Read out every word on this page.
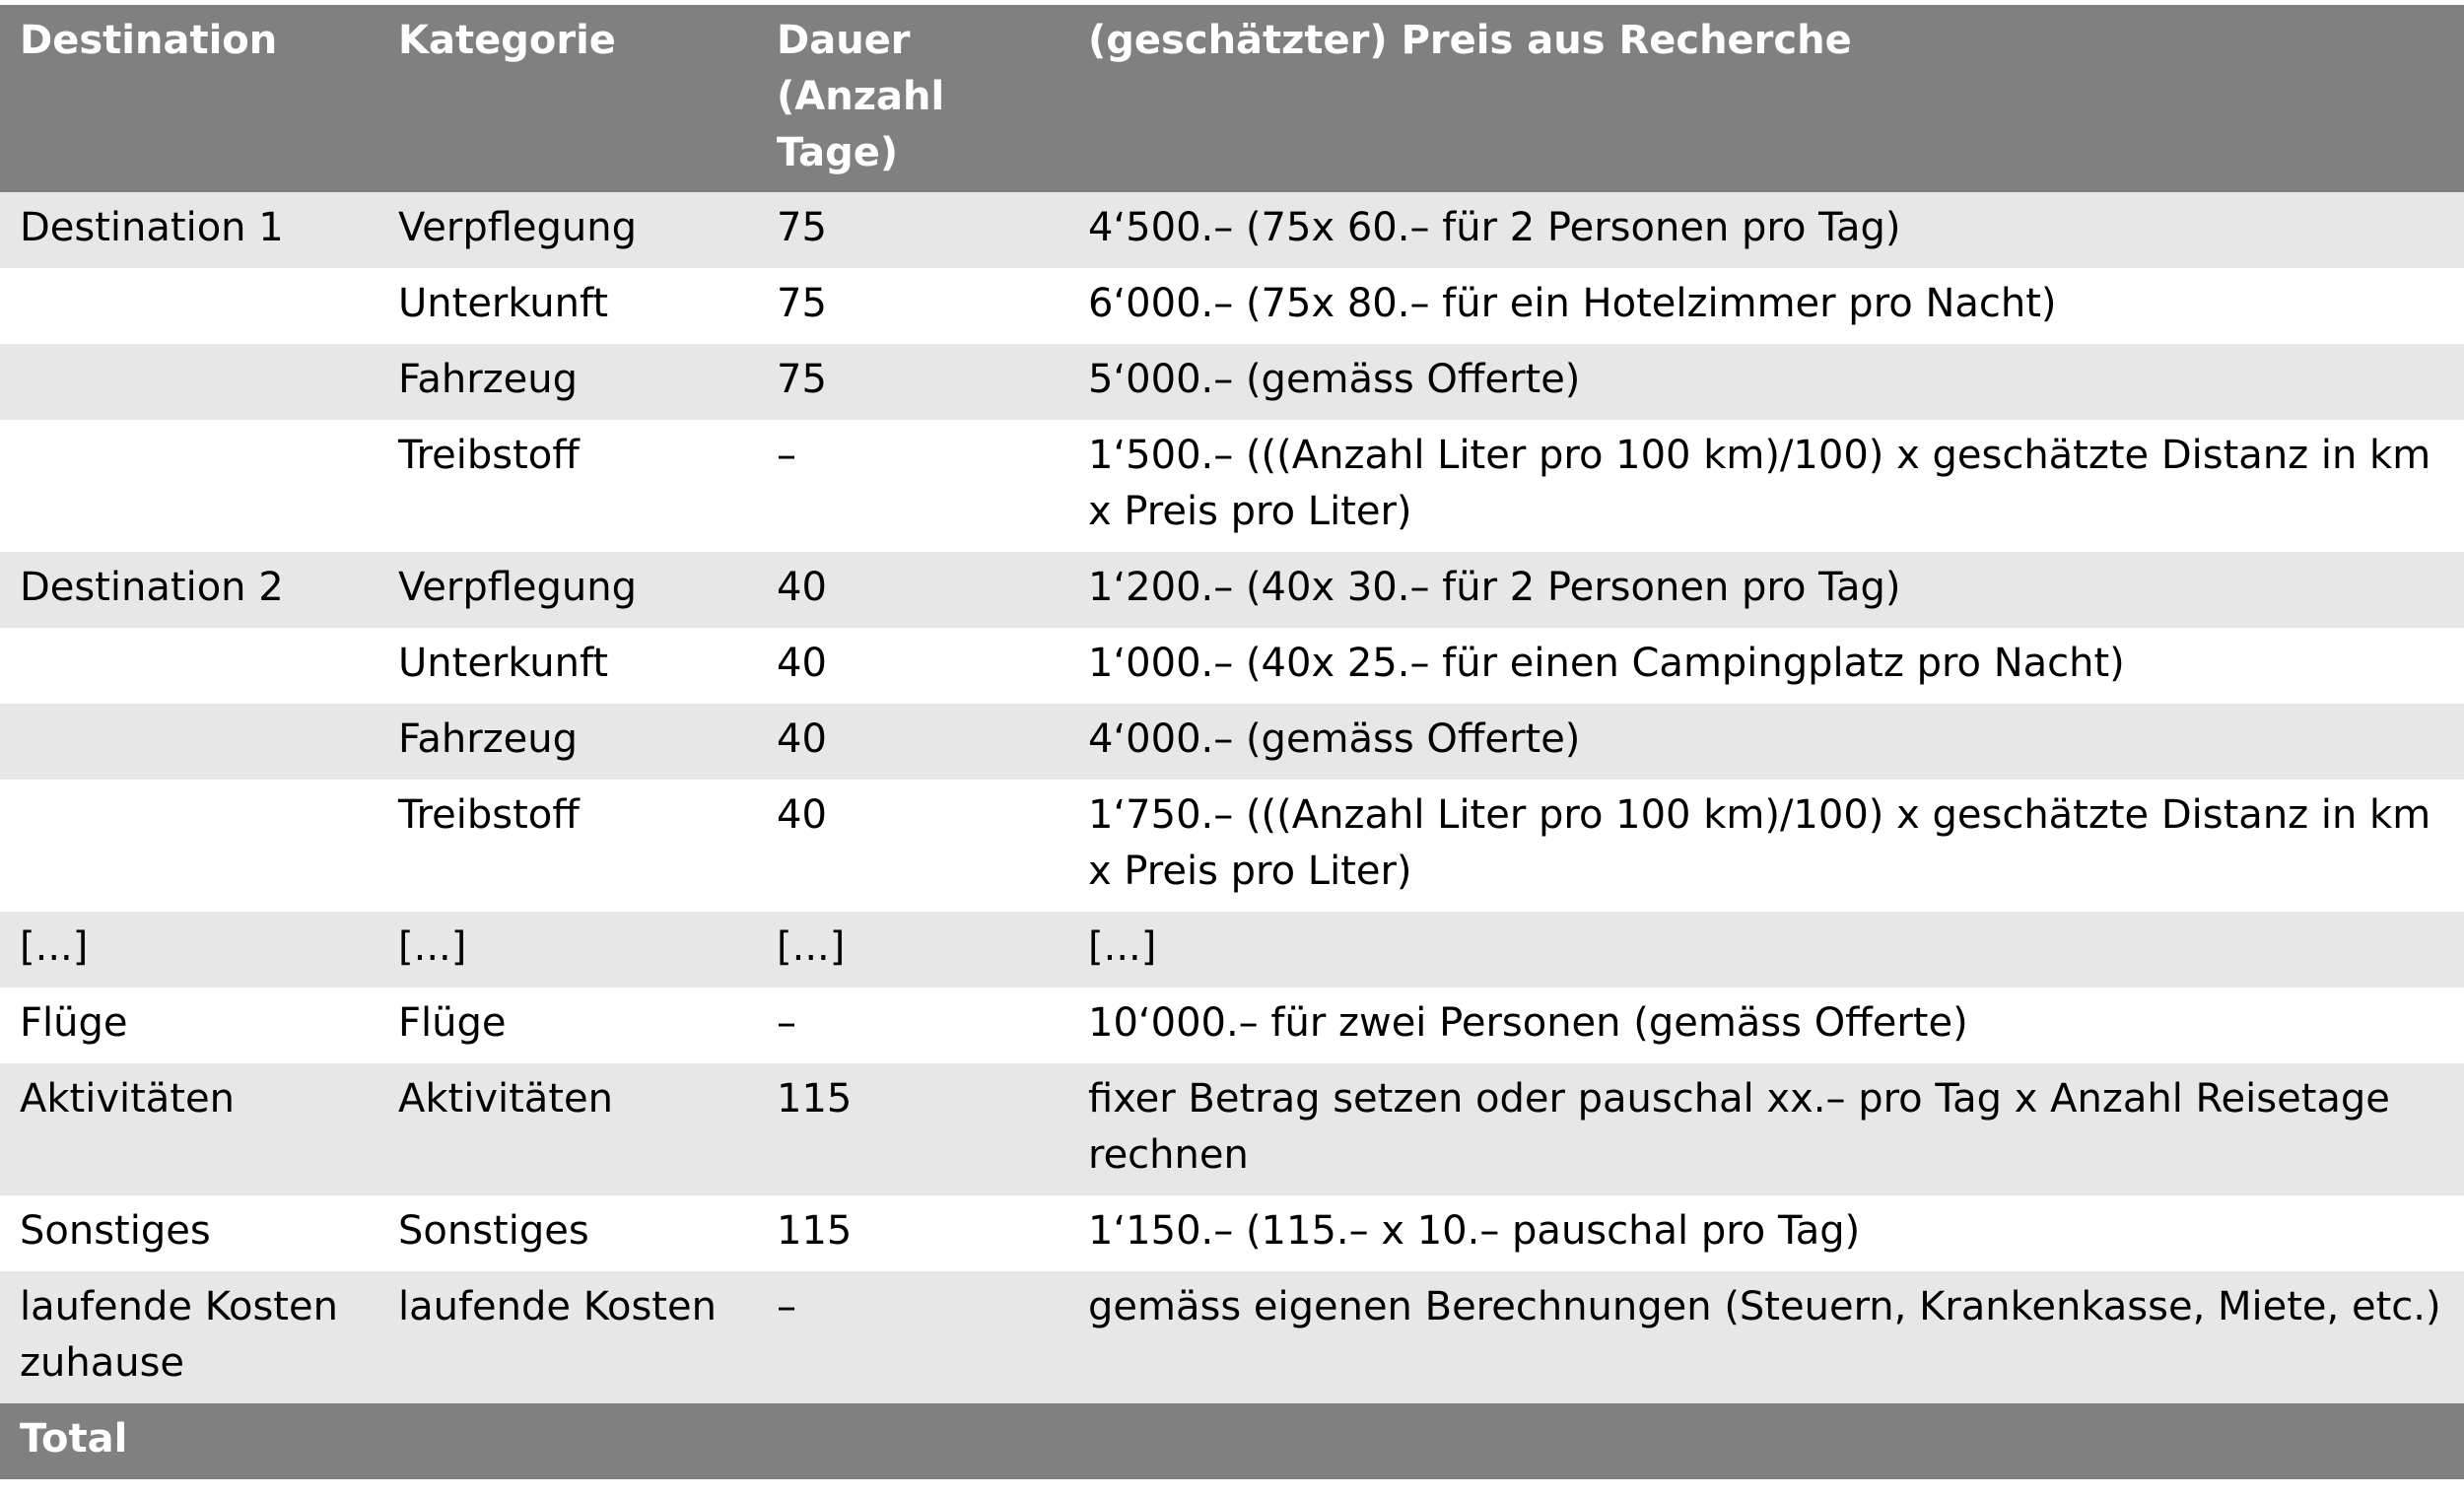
Destination	Kategorie	Dauer (Anzahl Tage)	(geschätzter) Preis aus Recherche
Destination 1	Verpflegung	75	4‘500.– (75x 60.– für 2 Personen pro Tag)
	Unterkunft	75	6‘000.– (75x 80.– für ein Hotelzimmer pro Nacht)
	Fahrzeug	75	5‘000.– (gemäss Offerte)
	Treibstoff	–	1‘500.– (((Anzahl Liter pro 100 km)/100) x geschätzte Distanz in km x Preis pro Liter)
Destination 2	Verpflegung	40	1‘200.– (40x 30.– für 2 Personen pro Tag)
	Unterkunft	40	1‘000.– (40x 25.– für einen Campingplatz pro Nacht)
	Fahrzeug	40	4‘000.– (gemäss Offerte)
	Treibstoff	40	1‘750.– (((Anzahl Liter pro 100 km)/100) x geschätzte Distanz in km x Preis pro Liter)
[...]	[...]	[...]	[...]
Flüge	Flüge	–	10‘000.– für zwei Personen (gemäss Offerte)
Aktivitäten	Aktivitäten	115	fixer Betrag setzen oder pauschal xx.– pro Tag x Anzahl Reisetage rechnen
Sonstiges	Sonstiges	115	1‘150.– (115.– x 10.– pauschal pro Tag)
laufende Kosten zuhause	laufende Kosten	–	gemäss eigenen Berechnungen (Steuern, Krankenkasse, Miete, etc.)
Total			
